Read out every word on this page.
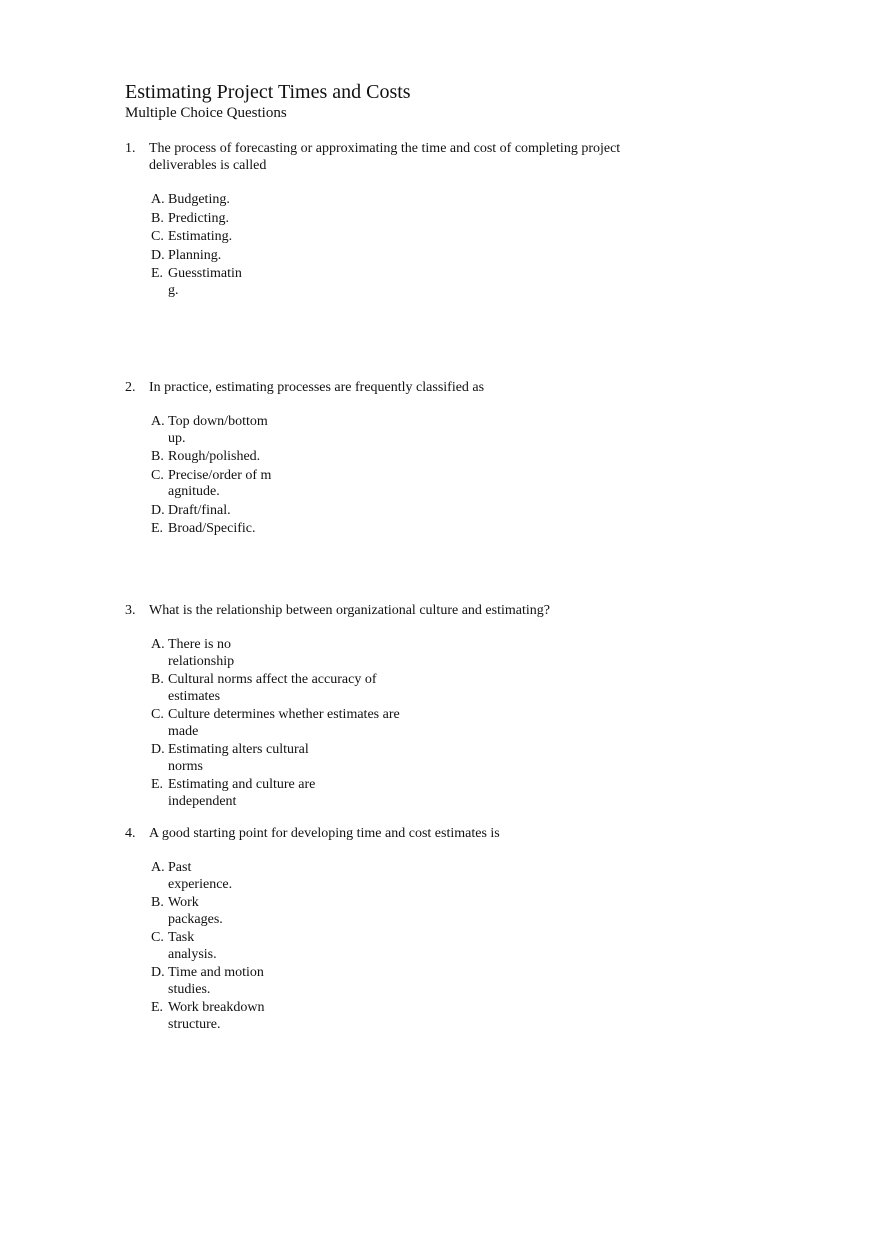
Estimating Project Times and Costs
Multiple Choice Questions
1. The process of forecasting or approximating the time and cost of completing project deliverables is called
A. Budgeting.
B. Predicting.
C. Estimating.
D. Planning.
E. Guesstimating.
2. In practice, estimating processes are frequently classified as
A. Top down/bottom up.
B. Rough/polished.
C. Precise/order of magnitude.
D. Draft/final.
E. Broad/Specific.
3. What is the relationship between organizational culture and estimating?
A. There is no relationship
B. Cultural norms affect the accuracy of estimates
C. Culture determines whether estimates are made
D. Estimating alters cultural norms
E. Estimating and culture are independent
4. A good starting point for developing time and cost estimates is
A. Past experience.
B. Work packages.
C. Task analysis.
D. Time and motion studies.
E. Work breakdown structure.
